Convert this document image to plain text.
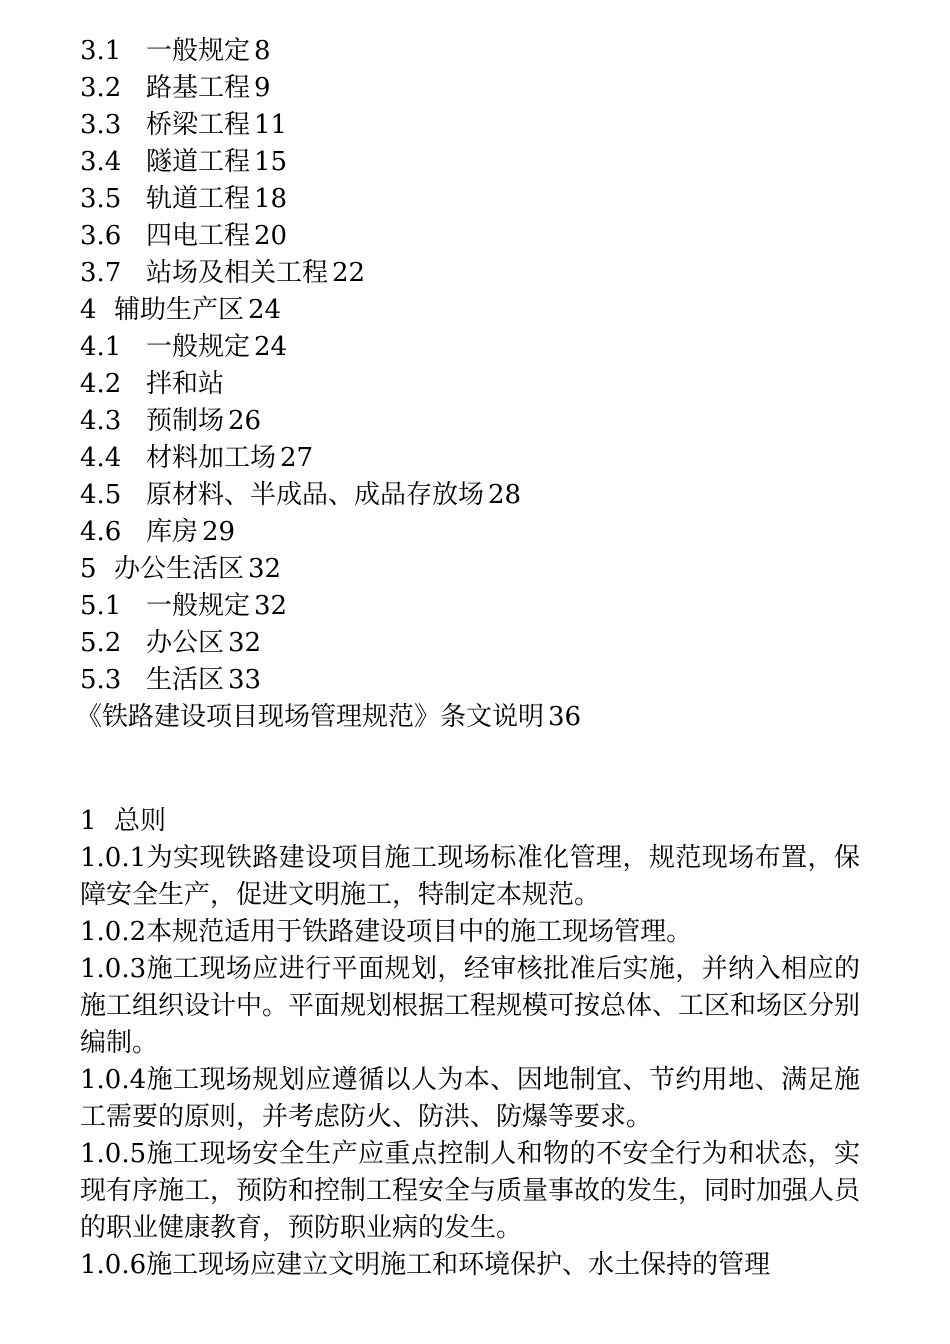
3.1 一般规定 8
3.2 路基工程 9
3.3 桥梁工程 11
3.4 隧道工程 15
3.5 轨道工程 18
3.6 四电工程 20
3.7 站场及相关工程 22
4 辅助生产区 24
4.1 一般规定 24
4.2 拌和站
4.3 预制场 26
4.4 材料加工场 27
4.5 原材料、半成品、成品存放场 28
4.6 库房 29
5 办公生活区 32
5.1 一般规定 32
5.2 办公区 32
5.3 生活区 33
《铁路建设项目现场管理规范》条文说明 36
1 总则
1.0.1为实现铁路建设项目施工现场标准化管理，规范现场布置，保障安全生产，促进文明施工，特制定本规范。
1.0.2本规范适用于铁路建设项目中的施工现场管理。
1.0.3施工现场应进行平面规划，经审核批准后实施，并纳入相应的施工组织设计中。平面规划根据工程规模可按总体、工区和场区分别编制。
1.0.4施工现场规划应遵循以人为本、因地制宜、节约用地、满足施工需要的原则，并考虑防火、防洪、防爆等要求。
1.0.5施工现场安全生产应重点控制人和物的不安全行为和状态，实现有序施工，预防和控制工程安全与质量事故的发生，同时加强人员的职业健康教育，预防职业病的发生。
1.0.6施工现场应建立文明施工和环境保护、水土保持的管理
